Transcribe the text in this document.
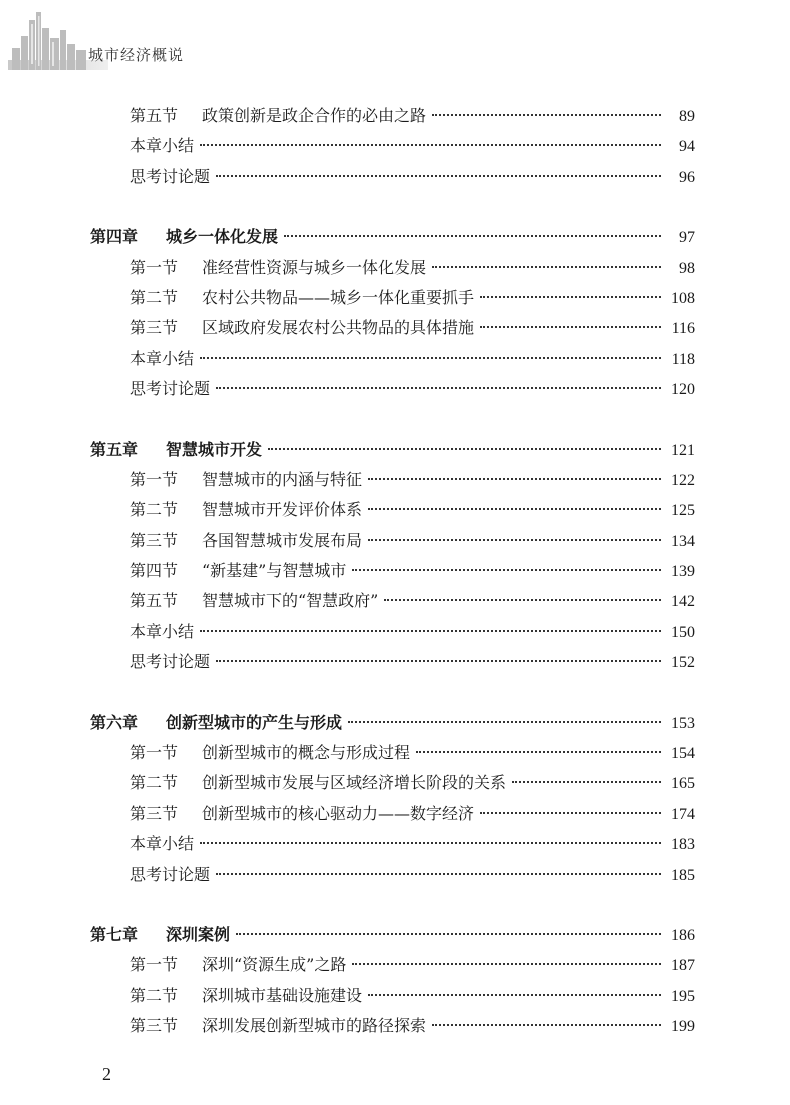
城市经济概说
第五节	政策创新是政企合作的必由之路	89
本章小结	94
思考讨论题	96
第四章	城乡一体化发展	97
第一节	准经营性资源与城乡一体化发展	98
第二节	农村公共物品——城乡一体化重要抓手	108
第三节	区域政府发展农村公共物品的具体措施	116
本章小结	118
思考讨论题	120
第五章	智慧城市开发	121
第一节	智慧城市的内涵与特征	122
第二节	智慧城市开发评价体系	125
第三节	各国智慧城市发展布局	134
第四节	“新基建”与智慧城市	139
第五节	智慧城市下的“智慧政府”	142
本章小结	150
思考讨论题	152
第六章	创新型城市的产生与形成	153
第一节	创新型城市的概念与形成过程	154
第二节	创新型城市发展与区域经济增长阶段的关系	165
第三节	创新型城市的核心驱动力——数字经济	174
本章小结	183
思考讨论题	185
第七章	深圳案例	186
第一节	深圳“资源生成”之路	187
第二节	深圳城市基础设施建设	195
第三节	深圳发展创新型城市的路径探索	199
2
